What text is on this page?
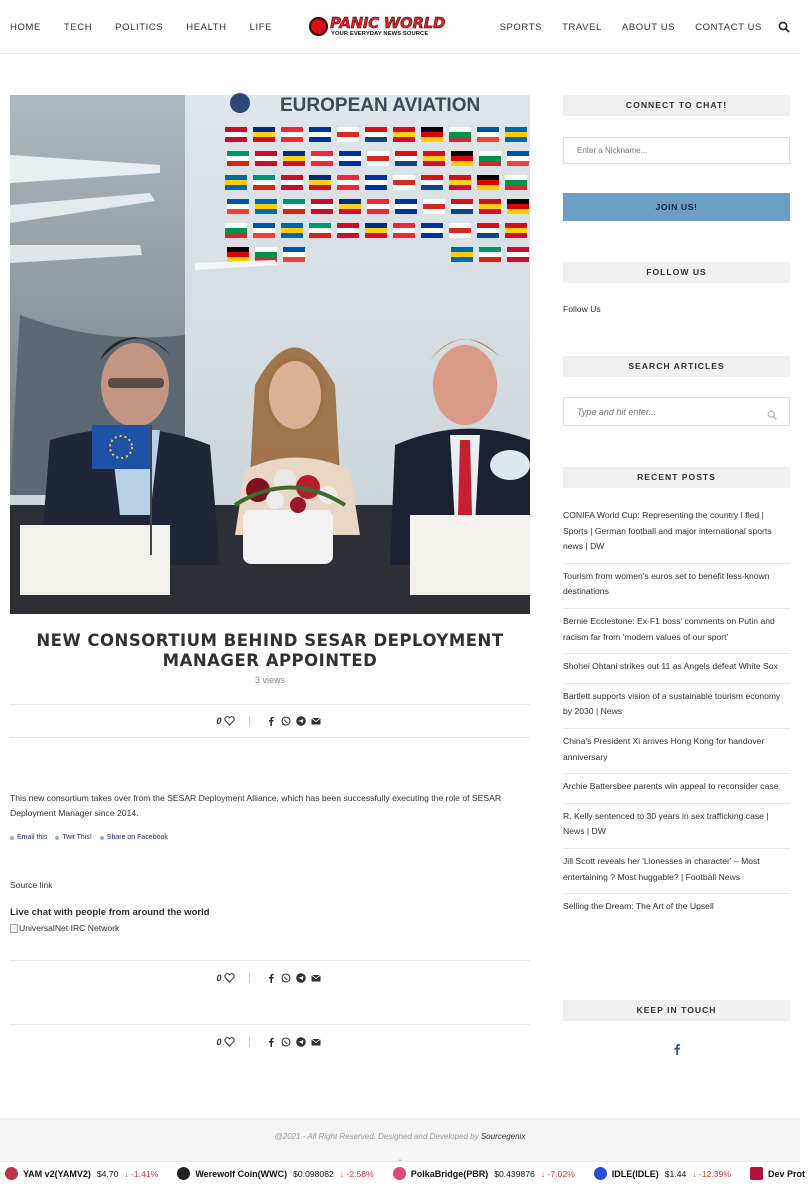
HOME TECH POLITICS HEALTH LIFE	PANIC WORLD
YOUR EVERYDAY NEWS SOURCE
SPORTS TRAVEL ABOUT US CONTACT US
EUROPEAN AVIATION
NEW CONSORTIUM BEHIND SESAR DEPLOYMENT MANAGER APPOINTED
3 views
0

This new consortium takes over from the SESAR Deployment Alliance, which has been successfully executing the role of SESAR Deployment Manager since 2014.

Email this Twit This! Share on Facebook
Source link
Live chat with people from around the world
UniversalNet IRC Network
0
0
CONNECT TO CHAT!
Enter a Nickname...
JOIN US!
FOLLOW US
Follow Us
SEARCH ARTICLES
Type and hit enter...
RECENT POSTS
CONIFA World Cup: Representing the country I fled | Sports | German football and major international sports news | DW
Tourism from women's euros set to benefit less-known destinations
Bernie Ecclestone: Ex-F1 boss' comments on Putin and racism far from 'modern values of our sport'
Shohei Ohtani strikes out 11 as Angels defeat White Sox
Bartlett supports vision of a sustainable tourism economy by 2030 | News
China's President Xi arrives Hong Kong for handover anniversary
Archie Battersbee parents win appeal to reconsider case
R. Kelly sentenced to 30 years in sex trafficking case | News | DW
Jill Scott reveals her 'Lionesses in character' – Most entertaining ? Most huggable? | Football News
Selling the Dream: The Art of the Upsell
KEEP IN TOUCH
@2021 - All Right Reserved. Designed and Developed by Sourcegenix
YAM v2(YAMV2) $4.70 ↓ -1.41%	Werewolf Coin(WWC) $0.098082 ↓ -2.58%	PolkaBridge(PBR) $0.439876 ↓ -7.02%	IDLE(IDLE) $1.44 ↓ -12.39%	Dev Prot
